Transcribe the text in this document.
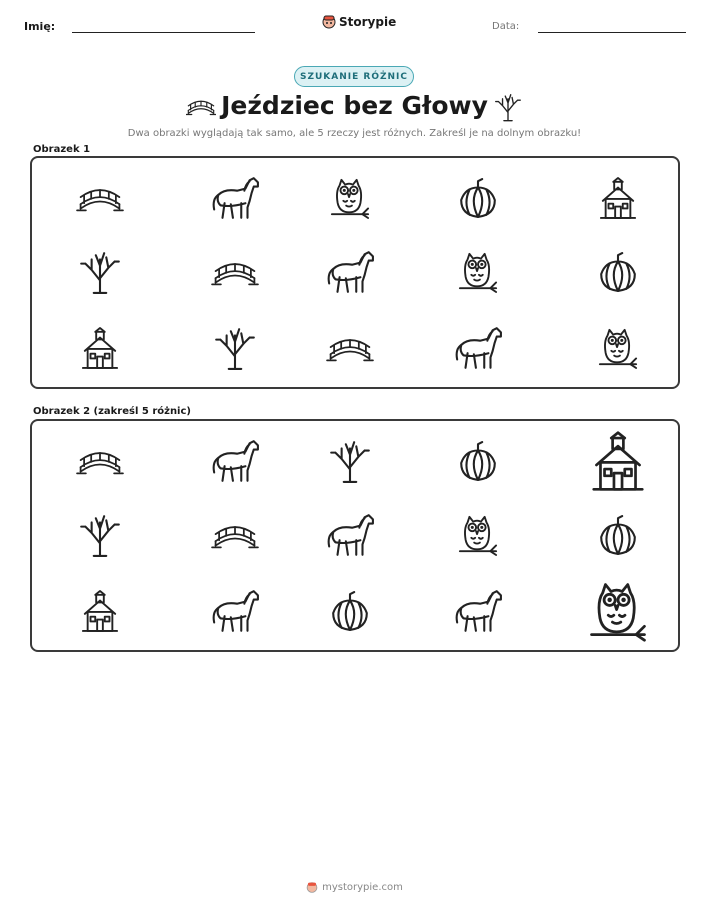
Imię:	Storypie	Data:
SZUKANIE RÓŻNIC
Jeździec bez Głowy
Dwa obrazki wyglądają tak samo, ale 5 rzeczy jest różnych. Zakreśl je na dolnym obrazku!
Obrazek 1
Obrazek 2 (zakreśl 5 różnic)
mystorypie.com
